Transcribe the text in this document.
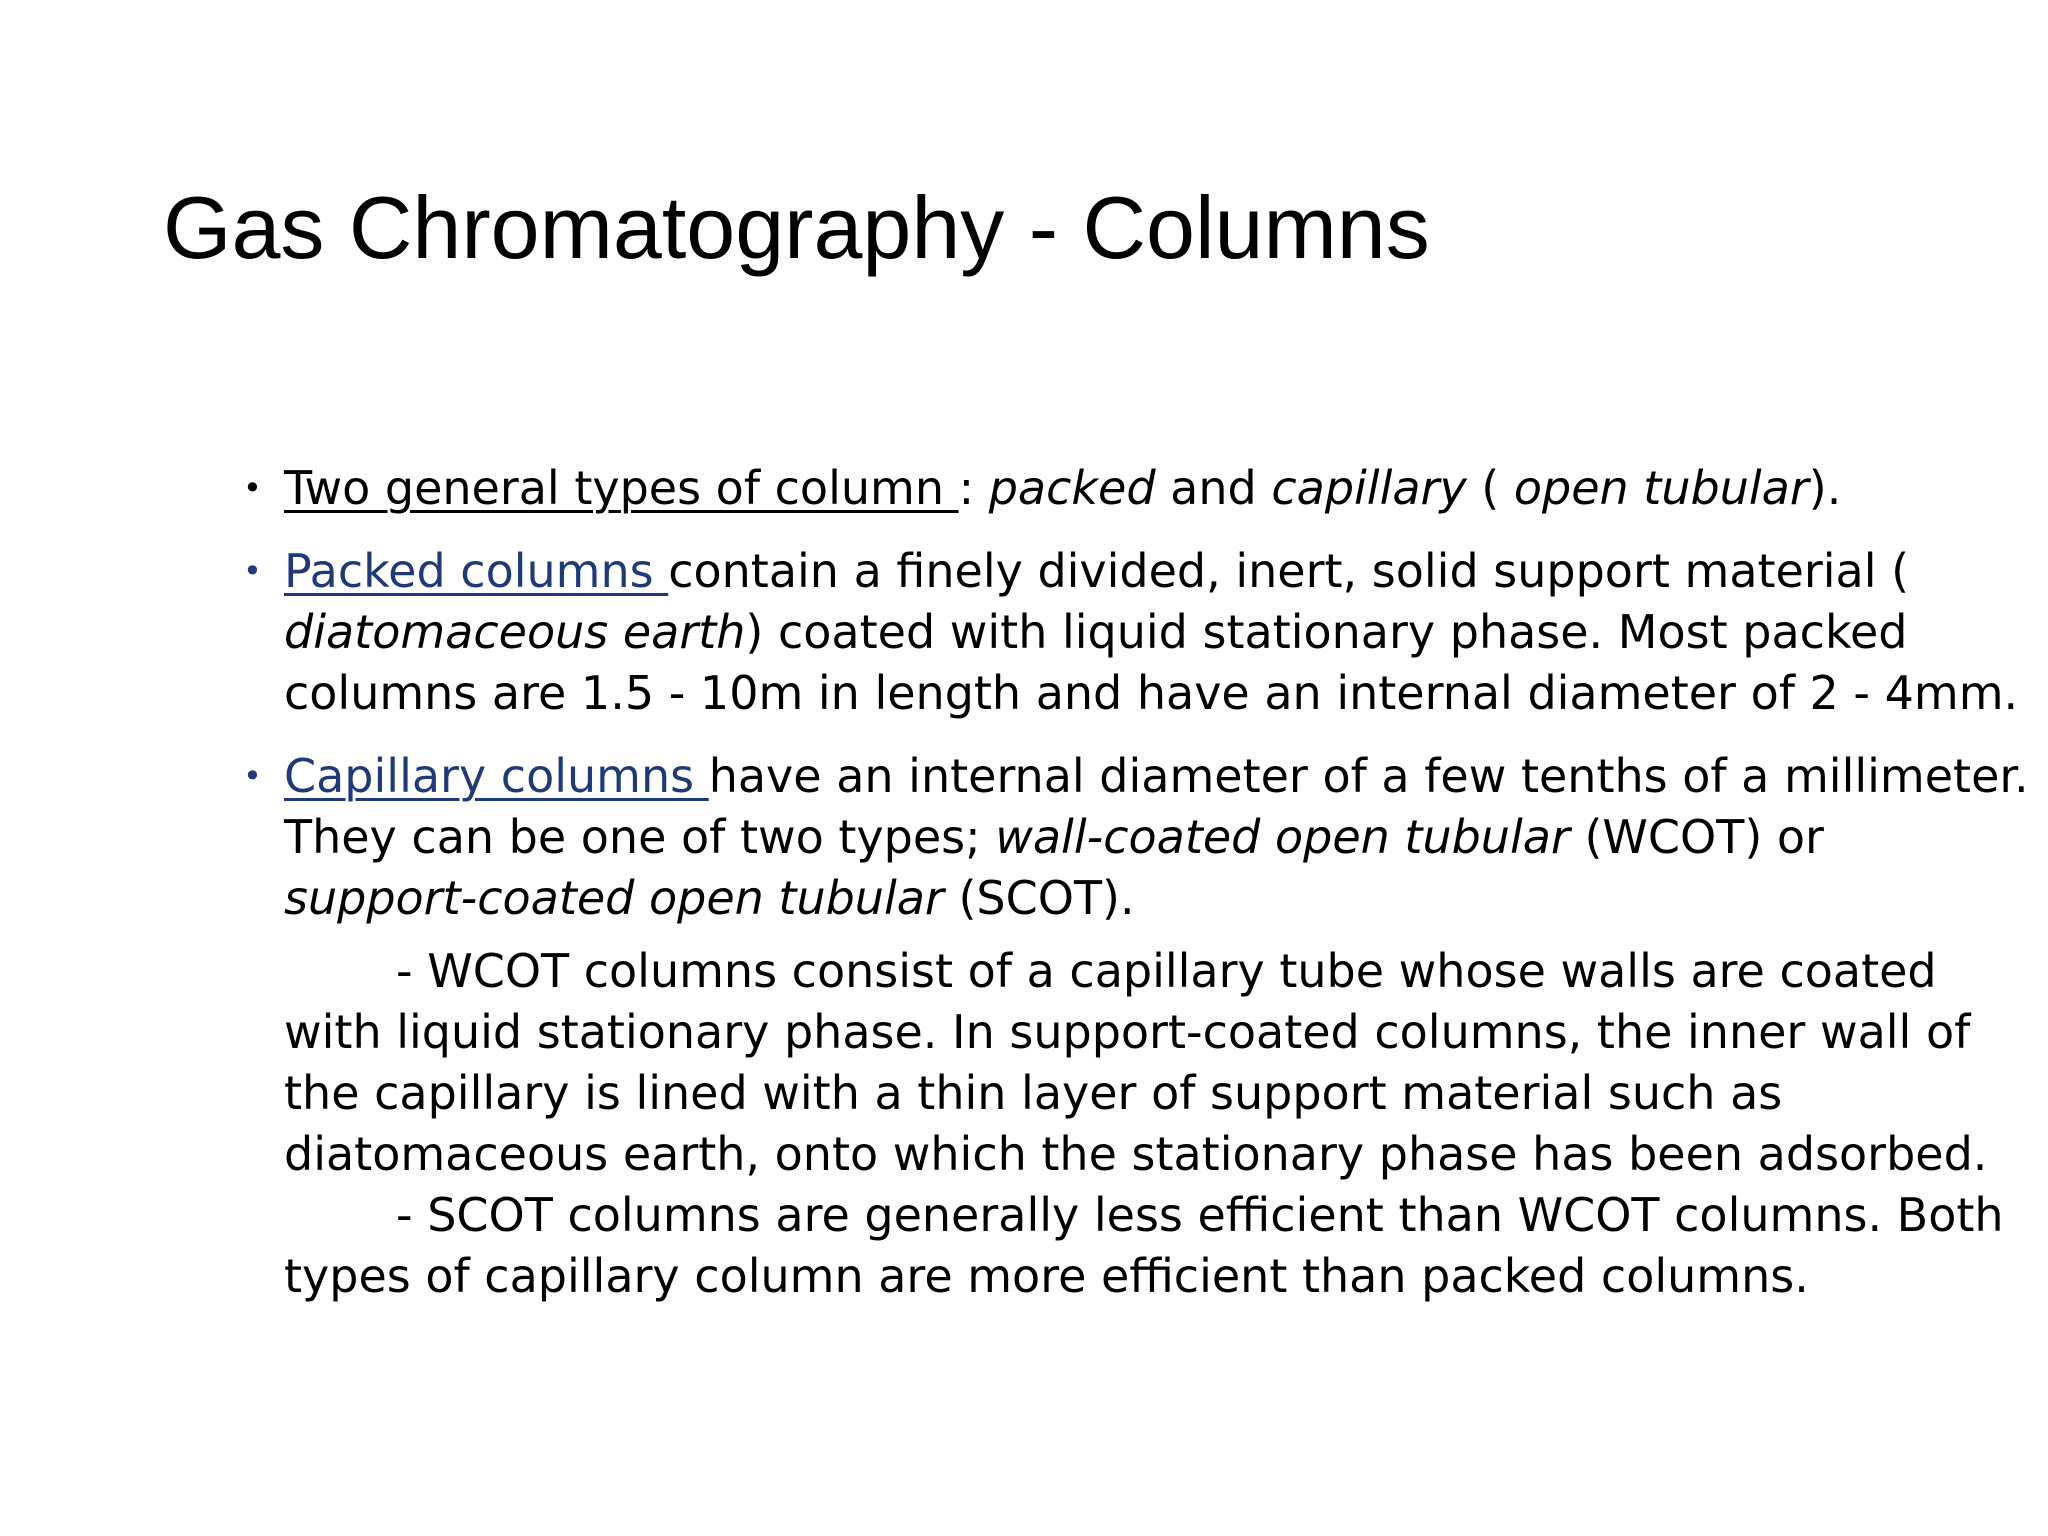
Gas Chromatography - Columns
• Two general types of column : packed and capillary ( open tubular).
• Packed columns contain a finely divided, inert, solid support material ( diatomaceous earth) coated with liquid stationary phase. Most packed columns are 1.5 - 10m in length and have an internal diameter of 2 - 4mm.
• Capillary columns have an internal diameter of a few tenths of a millimeter. They can be one of two types; wall-coated open tubular (WCOT) or support-coated open tubular (SCOT).

- WCOT columns consist of a capillary tube whose walls are coated with liquid stationary phase. In support-coated columns, the inner wall of the capillary is lined with a thin layer of support material such as diatomaceous earth, onto which the stationary phase has been adsorbed.

- SCOT columns are generally less efficient than WCOT columns. Both types of capillary column are more efficient than packed columns.
